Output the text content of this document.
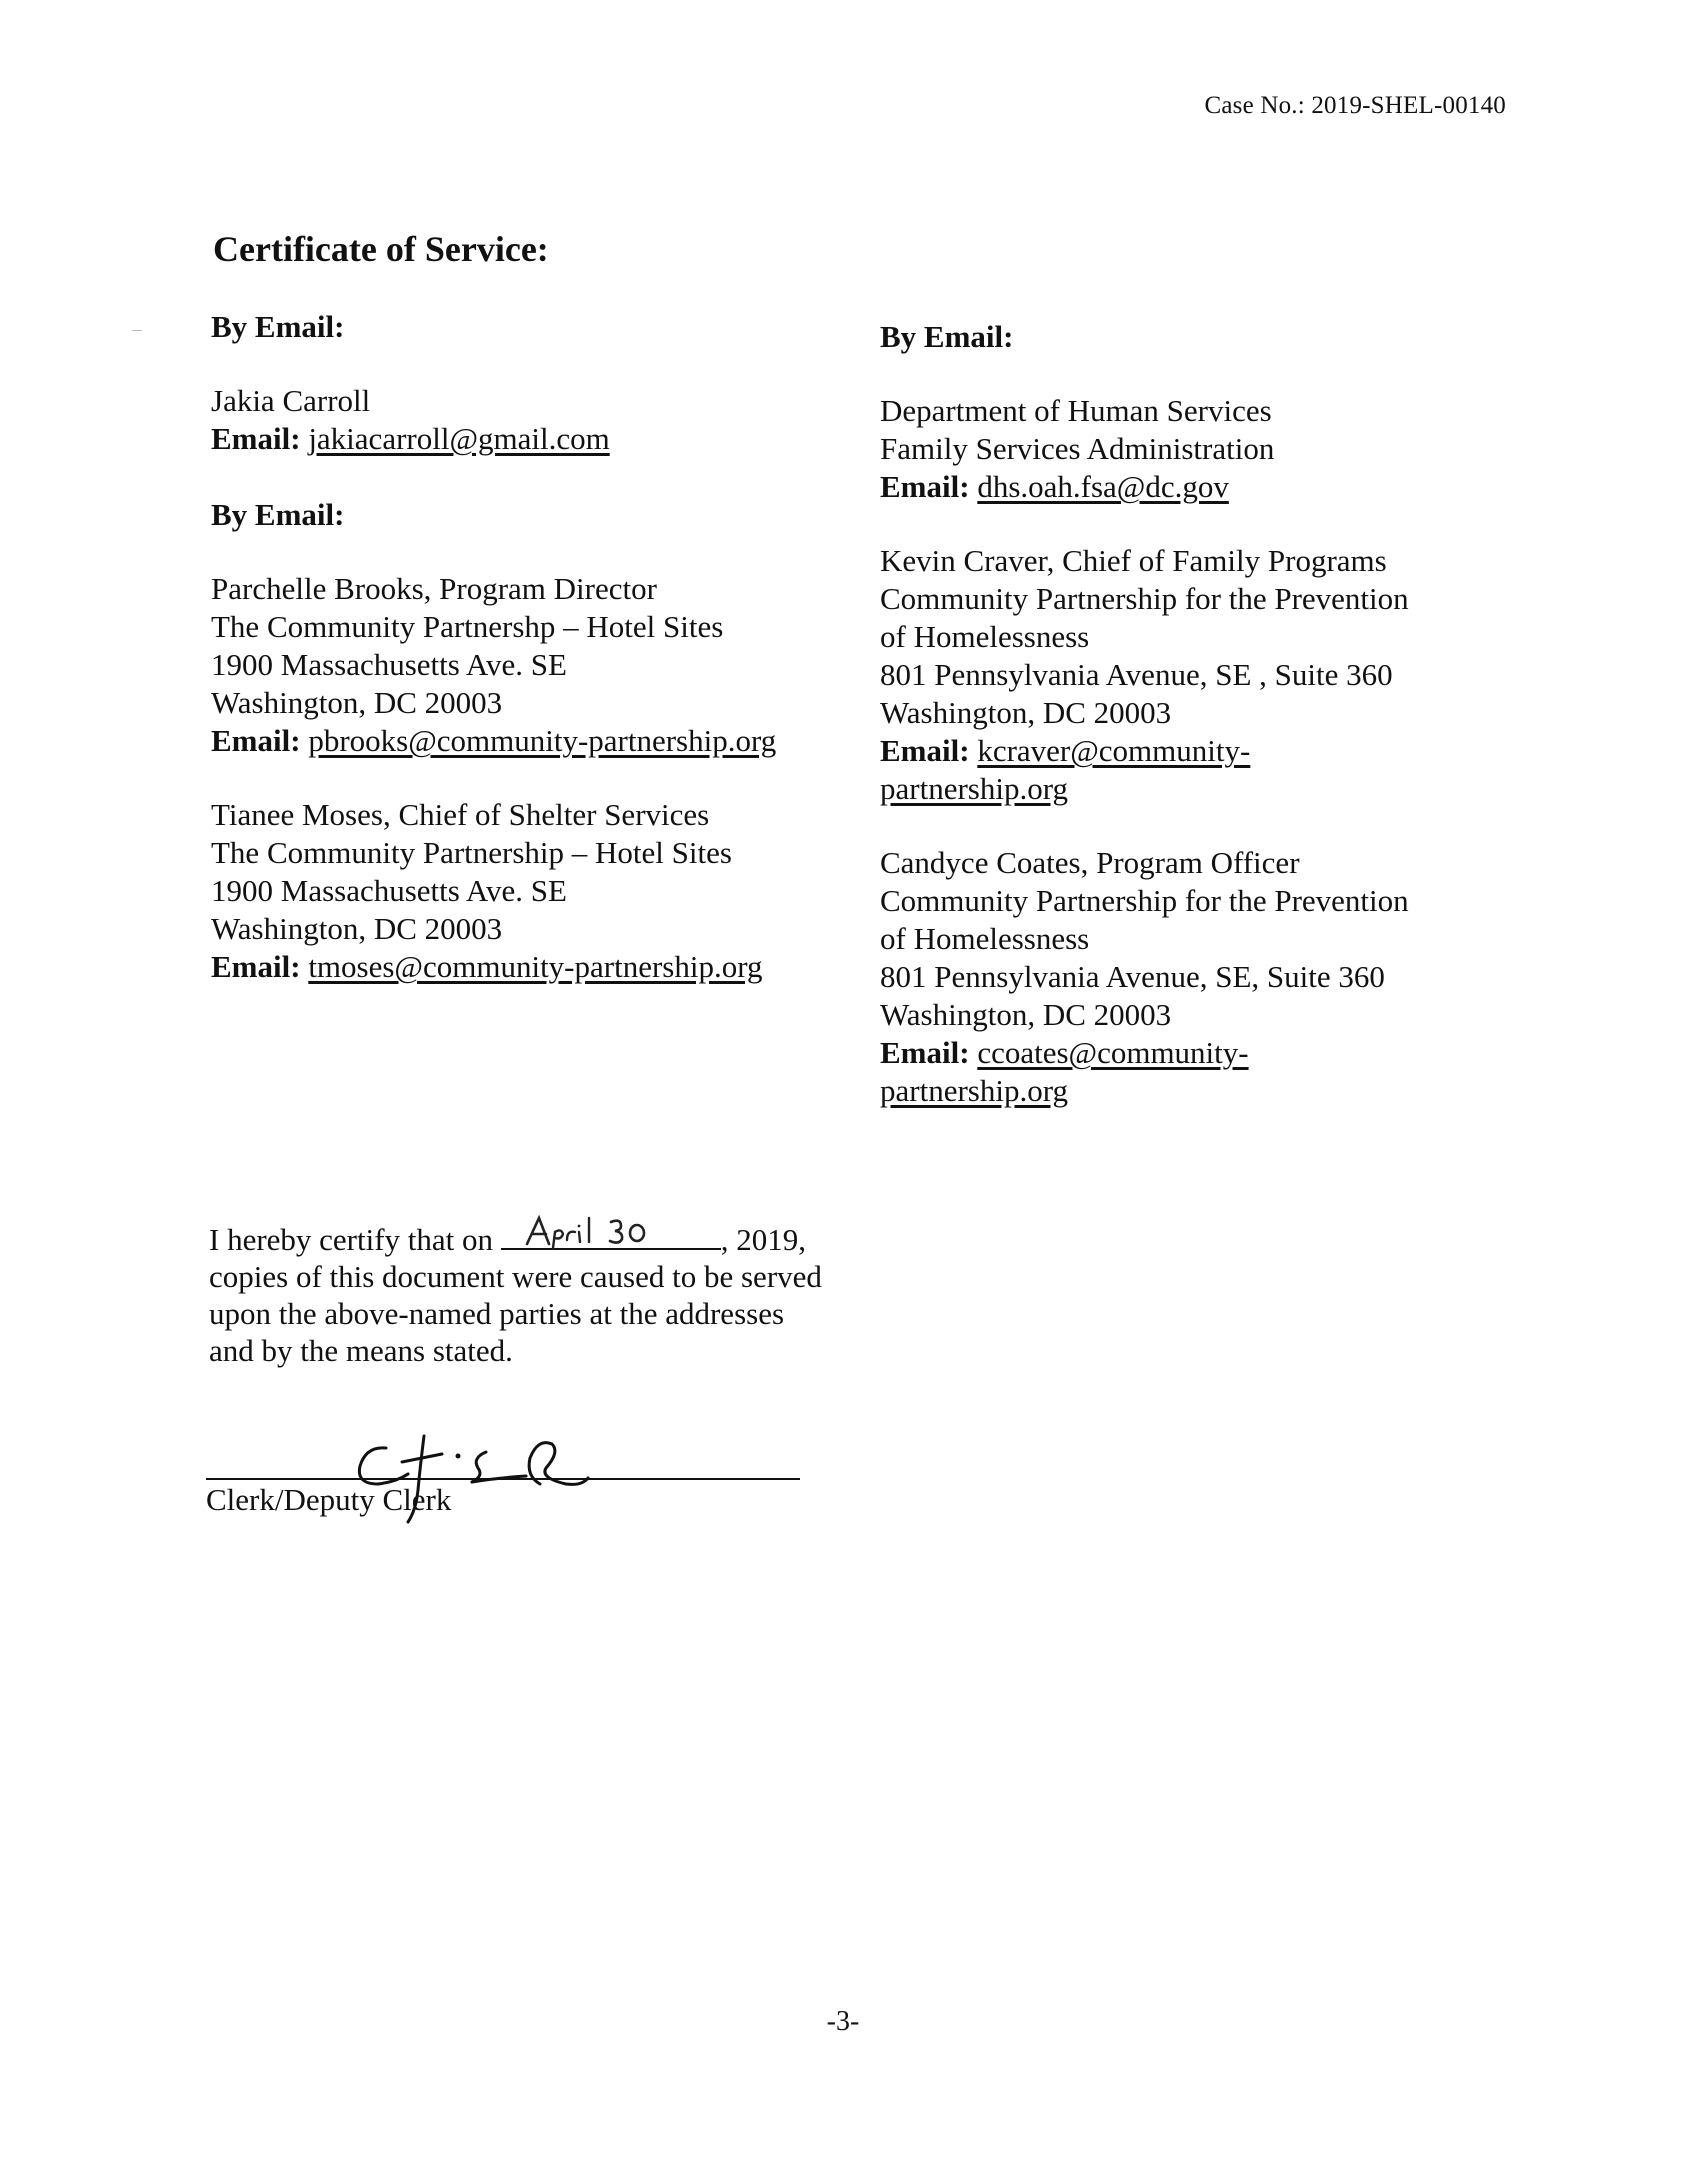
Case No.: 2019-SHEL-00140
Certificate of Service:
By Email:
Jakia Carroll
Email: jakiacarroll@gmail.com
By Email:
Parchelle Brooks, Program Director
The Community Partnershp – Hotel Sites
1900 Massachusetts Ave. SE
Washington, DC 20003
Email: pbrooks@community-partnership.org
Tianee Moses, Chief of Shelter Services
The Community Partnership – Hotel Sites
1900 Massachusetts Ave. SE
Washington, DC 20003
Email: tmoses@community-partnership.org
By Email:
Department of Human Services
Family Services Administration
Email: dhs.oah.fsa@dc.gov
Kevin Craver, Chief of Family Programs
Community Partnership for the Prevention
of Homelessness
801 Pennsylvania Avenue, SE , Suite 360
Washington, DC 20003
Email: kcraver@community-
partnership.org
Candyce Coates, Program Officer
Community Partnership for the Prevention
of Homelessness
801 Pennsylvania Avenue, SE, Suite 360
Washington, DC 20003
Email: ccoates@community-
partnership.org
I hereby certify that on	, 2019,
copies of this document were caused to be served
upon the above-named parties at the addresses
and by the means stated.
Clerk/Deputy Clerk
-3-
